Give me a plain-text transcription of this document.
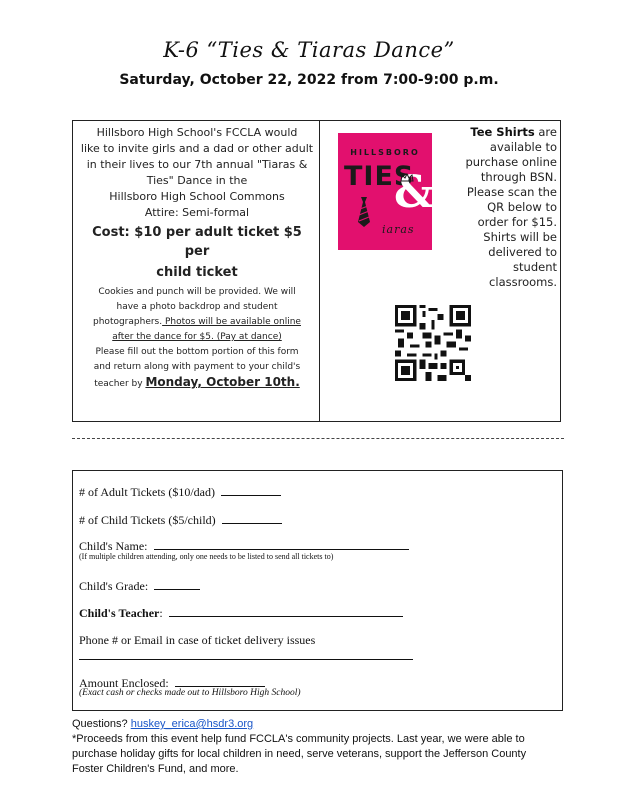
K-6 “Ties & Tiaras Dance”
Saturday, October 22, 2022 from 7:00-9:00 p.m.
Hillsboro High School's FCCLA would
like to invite girls and a dad or other adult
in their lives to our 7th annual "Tiaras &
Ties" Dance in the
Hillsboro High School Commons
Attire: Semi-formal
Cost: $10 per adult ticket $5 per
child ticket
Cookies and punch will be provided. We will
have a photo backdrop and student
photographers. Photos will be available online
after the dance for $5. (Pay at dance)
Please fill out the bottom portion of this form
and return along with payment to your child's
teacher by Monday, October 10th.
HILLSBORO
TIES
&
iaras
Tee Shirts are
available to
purchase online
through BSN.
Please scan the
QR below to
order for $15.
Shirts will be
delivered to
student classrooms.
# of Adult Tickets ($10/dad)
# of Child Tickets ($5/child)
Child's Name:
(If multiple children attending, only one needs to be listed to send all tickets to)
Child's Grade:
Child's Teacher:
Phone # or Email in case of ticket delivery issues
Amount Enclosed:
(Exact cash or checks made out to Hillsboro High School)
Questions? huskey_erica@hsdr3.org
*Proceeds from this event help fund FCCLA's community projects. Last year, we were able to
purchase holiday gifts for local children in need, serve veterans, support the Jefferson County
Foster Children's Fund, and more.
